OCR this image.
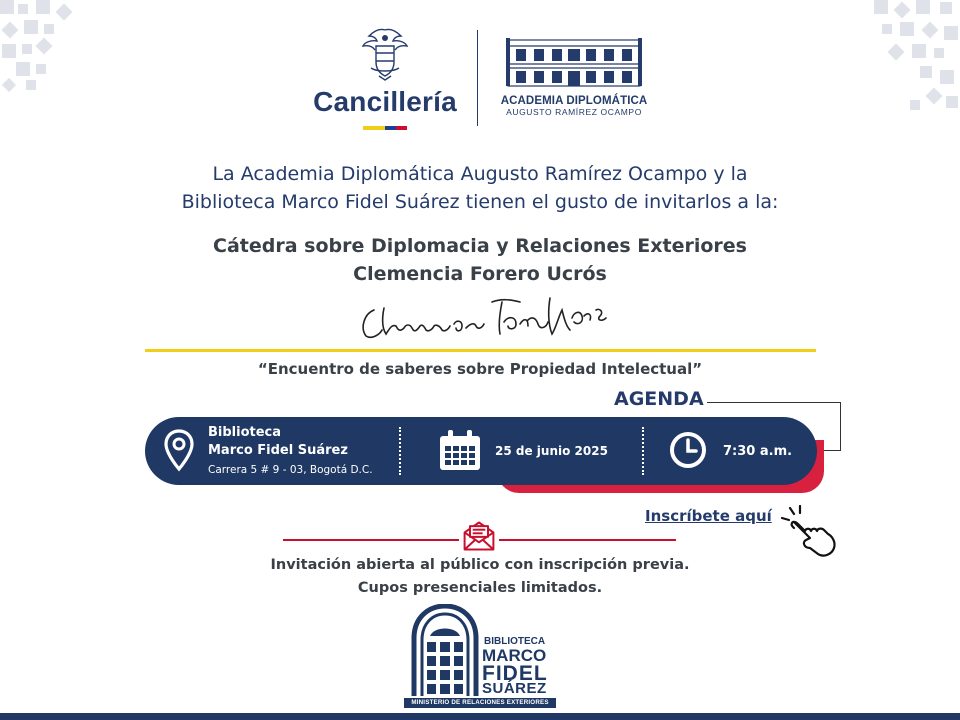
Cancillería	ACADEMIA DIPLOMÁTICA
AUGUSTO RAMÍREZ OCAMPO
La Academia Diplomática Augusto Ramírez Ocampo y la
Biblioteca Marco Fidel Suárez tienen el gusto de invitarlos a la:
Cátedra sobre Diplomacia y Relaciones Exteriores
Clemencia Forero Ucrós
“Encuentro de saberes sobre Propiedad Intelectual”
AGENDA
Biblioteca
Marco Fidel Suárez
Carrera 5 # 9 - 03, Bogotá D.C.
25 de junio 2025	7:30 a.m.
Inscríbete aquí
Invitación abierta al público con inscripción previa.
Cupos presenciales limitados.
BIBLIOTECA
MARCO
FIDEL
SUÁREZ
MINISTERIO DE RELACIONES EXTERIORES
